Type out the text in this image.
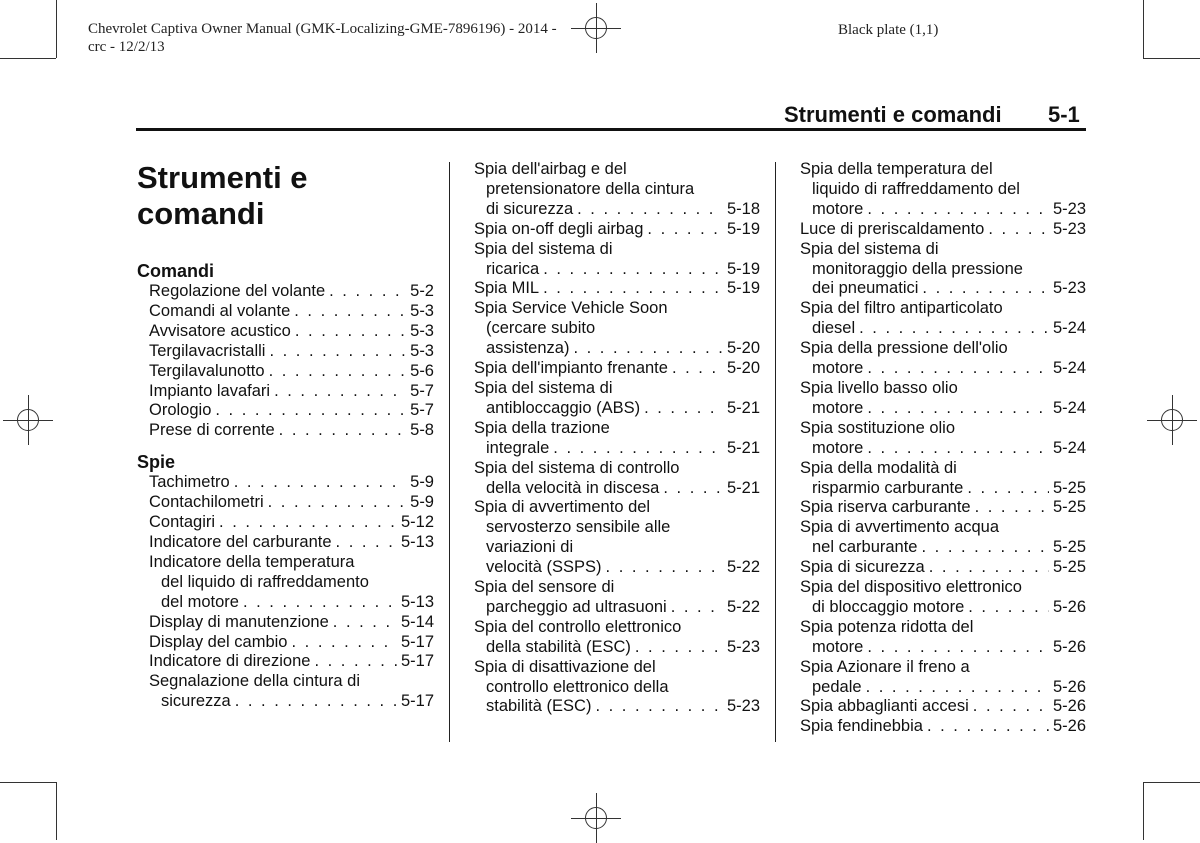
Chevrolet Captiva Owner Manual (GMK-Localizing-GME-7896196) - 2014 -
crc - 12/2/13
Black plate (1,1)
Strumenti e comandi 5-1
Strumenti e comandi
Comandi
Regolazione del volante . . .	5-2
Comandi al volante . . .	5-3
Avvisatore acustico . . .	5-3
Tergilavacristalli . . .	5-3
Tergilavalunotto . . .	5-6
Impianto lavafari . . .	5-7
Orologio . . .	5-7
Prese di corrente . . .	5-8
Spie
Tachimetro . . .	5-9
Contachilometri . . .	5-9
Contagiri . . .	5-12
Indicatore del carburante . . .	5-13
Indicatore della temperatura
del liquido di raffreddamento
del motore . . .	5-13
Display di manutenzione . . .	5-14
Display del cambio . . .	5-17
Indicatore di direzione . . .	5-17
Segnalazione della cintura di
sicurezza . . .	5-17
Spia dell'airbag e del
pretensionatore della cintura
di sicurezza . . .	5-18
Spia on-off degli airbag . . .	5-19
Spia del sistema di
ricarica . . .	5-19
Spia MIL . . .	5-19
Spia Service Vehicle Soon
(cercare subito
assistenza) . . .	5-20
Spia dell'impianto frenante . . .	5-20
Spia del sistema di
antibloccaggio (ABS) . . .	5-21
Spia della trazione
integrale . . .	5-21
Spia del sistema di controllo
della velocità in discesa . . .	5-21
Spia di avvertimento del
servosterzo sensibile alle
variazioni di
velocità (SSPS) . . .	5-22
Spia del sensore di
parcheggio ad ultrasuoni . . .	5-22
Spia del controllo elettronico
della stabilità (ESC) . . .	5-23
Spia di disattivazione del
controllo elettronico della
stabilità (ESC) . . .	5-23
Spia della temperatura del
liquido di raffreddamento del
motore . . .	5-23
Luce di preriscaldamento . . .	5-23
Spia del sistema di
monitoraggio della pressione
dei pneumatici . . .	5-23
Spia del filtro antiparticolato
diesel . . .	5-24
Spia della pressione dell'olio
motore . . .	5-24
Spia livello basso olio
motore . . .	5-24
Spia sostituzione olio
motore . . .	5-24
Spia della modalità di
risparmio carburante . . .	5-25
Spia riserva carburante . . .	5-25
Spia di avvertimento acqua
nel carburante . . .	5-25
Spia di sicurezza . . .	5-25
Spia del dispositivo elettronico
di bloccaggio motore . . .	5-26
Spia potenza ridotta del
motore . . .	5-26
Spia Azionare il freno a
pedale . . .	5-26
Spia abbaglianti accesi . . .	5-26
Spia fendinebbia . . .	5-26
